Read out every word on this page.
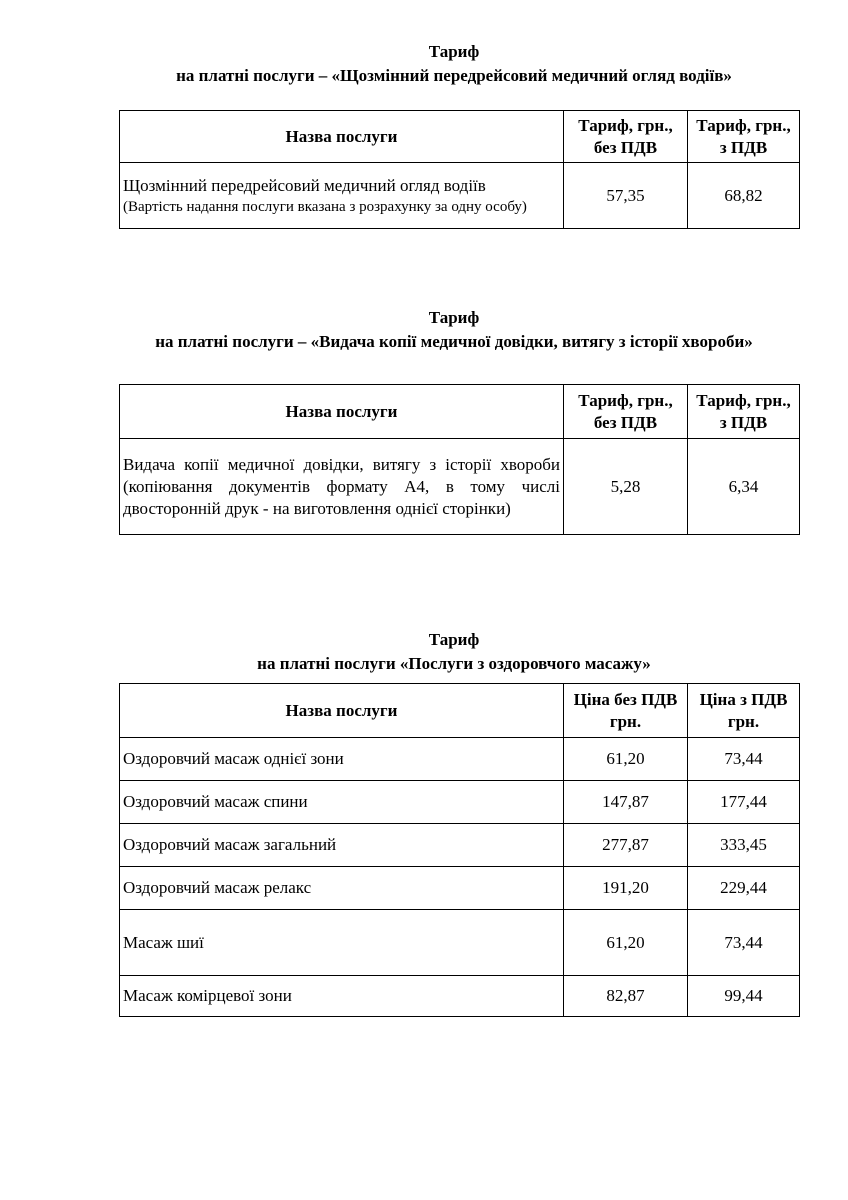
Тариф
на платні послуги – «Щозмінний передрейсовий медичний огляд водіїв»
Назва послуги	Тариф, грн., без ПДВ	Тариф, грн., з ПДВ

Щозмінний передрейсовий медичний огляд водіїв
(Вартість надання послуги вказана з розрахунку за одну особу)	57,35	68,82
Тариф
на платні послуги – «Видача копії медичної довідки, витягу з історії хвороби»
Назва послуги	Тариф, грн., без ПДВ	Тариф, грн., з ПДВ
Видача копії медичної довідки, витягу з історії хвороби (копіювання документів формату А4, в тому числі двосторонній друк - на виготовлення однієї сторінки)	5,28	6,34
Тариф
на платні послуги «Послуги з оздоровчого масажу»
Назва послуги	Ціна без ПДВ грн.	Ціна з ПДВ грн.
Оздоровчий масаж однієї зони	61,20	73,44
Оздоровчий масаж спини	147,87	177,44
Оздоровчий масаж загальний	277,87	333,45
Оздоровчий масаж релакс	191,20	229,44
Масаж шиї	61,20	73,44
Масаж комірцевої зони	82,87	99,44
